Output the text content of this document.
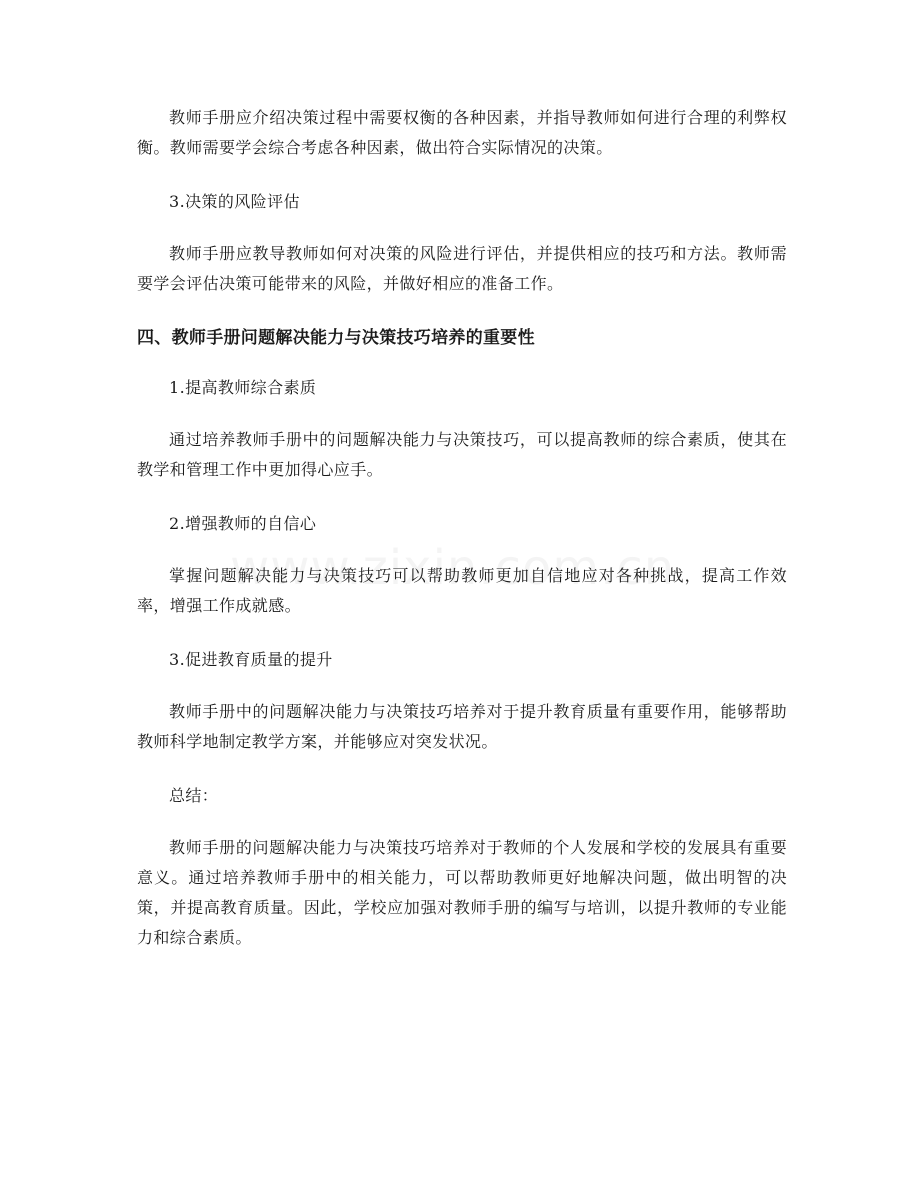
教师手册应介绍决策过程中需要权衡的各种因素，并指导教师如何进行合理的利弊权衡。教师需要学会综合考虑各种因素，做出符合实际情况的决策。

3.决策的风险评估

教师手册应教导教师如何对决策的风险进行评估，并提供相应的技巧和方法。教师需要学会评估决策可能带来的风险，并做好相应的准备工作。

四、教师手册问题解决能力与决策技巧培养的重要性

1.提高教师综合素质

通过培养教师手册中的问题解决能力与决策技巧，可以提高教师的综合素质，使其在教学和管理工作中更加得心应手。

2.增强教师的自信心

掌握问题解决能力与决策技巧可以帮助教师更加自信地应对各种挑战，提高工作效率，增强工作成就感。

3.促进教育质量的提升

教师手册中的问题解决能力与决策技巧培养对于提升教育质量有重要作用，能够帮助教师科学地制定教学方案，并能够应对突发状况。

总结：

教师手册的问题解决能力与决策技巧培养对于教师的个人发展和学校的发展具有重要意义。通过培养教师手册中的相关能力，可以帮助教师更好地解决问题，做出明智的决策，并提高教育质量。因此，学校应加强对教师手册的编写与培训，以提升教师的专业能力和综合素质。
